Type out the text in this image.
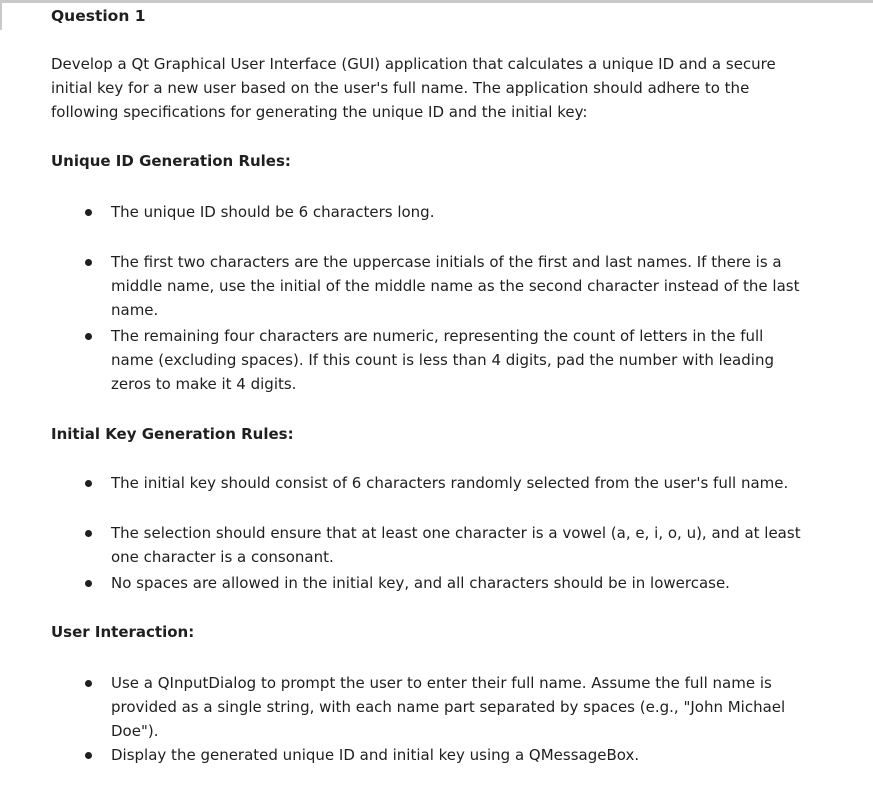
Question 1

Develop a Qt Graphical User Interface (GUI) application that calculates a unique ID and a secure initial key for a new user based on the user's full name. The application should adhere to the following specifications for generating the unique ID and the initial key:

Unique ID Generation Rules:
The unique ID should be 6 characters long.
The first two characters are the uppercase initials of the first and last names. If there is a middle name, use the initial of the middle name as the second character instead of the last name.
The remaining four characters are numeric, representing the count of letters in the full name (excluding spaces). If this count is less than 4 digits, pad the number with leading zeros to make it 4 digits.
Initial Key Generation Rules:
The initial key should consist of 6 characters randomly selected from the user's full name.
The selection should ensure that at least one character is a vowel (a, e, i, o, u), and at least one character is a consonant.
No spaces are allowed in the initial key, and all characters should be in lowercase.
User Interaction:
Use a QInputDialog to prompt the user to enter their full name. Assume the full name is provided as a single string, with each name part separated by spaces (e.g., "John Michael Doe").
Display the generated unique ID and initial key using a QMessageBox.
